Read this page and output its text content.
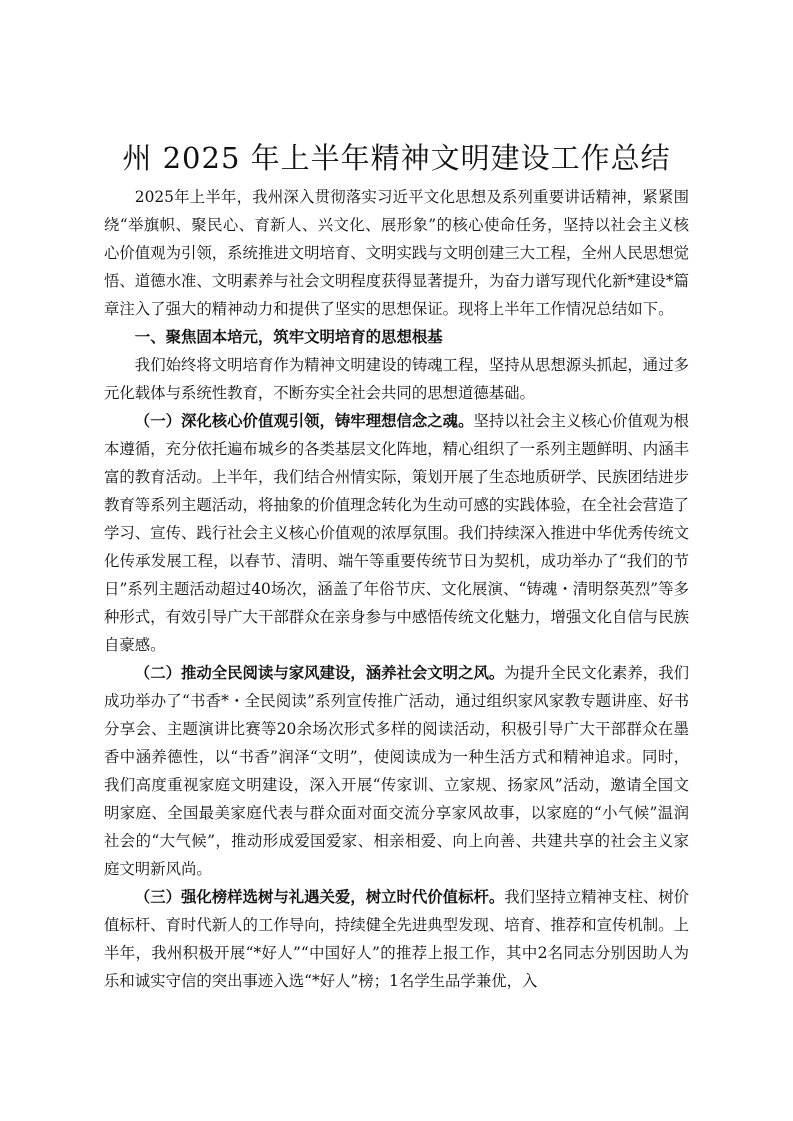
州 2025 年上半年精神文明建设工作总结

2025年上半年，我州深入贯彻落实习近平文化思想及系列重要讲话精神，紧紧围绕“举旗帜、聚民心、育新人、兴文化、展形象”的核心使命任务，坚持以社会主义核心价值观为引领，系统推进文明培育、文明实践与文明创建三大工程，全州人民思想觉悟、道德水准、文明素养与社会文明程度获得显著提升，为奋力谱写现代化新*建设*篇章注入了强大的精神动力和提供了坚实的思想保证。现将上半年工作情况总结如下。

一、聚焦固本培元，筑牢文明培育的思想根基

我们始终将文明培育作为精神文明建设的铸魂工程，坚持从思想源头抓起，通过多元化载体与系统性教育，不断夯实全社会共同的思想道德基础。

（一）深化核心价值观引领，铸牢理想信念之魂。坚持以社会主义核心价值观为根本遵循，充分依托遍布城乡的各类基层文化阵地，精心组织了一系列主题鲜明、内涵丰富的教育活动。上半年，我们结合州情实际，策划开展了生态地质研学、民族团结进步教育等系列主题活动，将抽象的价值理念转化为生动可感的实践体验，在全社会营造了学习、宣传、践行社会主义核心价值观的浓厚氛围。我们持续深入推进中华优秀传统文化传承发展工程，以春节、清明、端午等重要传统节日为契机，成功举办了“我们的节日”系列主题活动超过40场次，涵盖了年俗节庆、文化展演、“铸魂・清明祭英烈”等多种形式，有效引导广大干部群众在亲身参与中感悟传统文化魅力，增强文化自信与民族自豪感。

（二）推动全民阅读与家风建设，涵养社会文明之风。为提升全民文化素养，我们成功举办了“书香*・全民阅读”系列宣传推广活动，通过组织家风家教专题讲座、好书分享会、主题演讲比赛等20余场次形式多样的阅读活动，积极引导广大干部群众在墨香中涵养德性，以“书香”润泽“文明”，使阅读成为一种生活方式和精神追求。同时，我们高度重视家庭文明建设，深入开展“传家训、立家规、扬家风”活动，邀请全国文明家庭、全国最美家庭代表与群众面对面交流分享家风故事，以家庭的“小气候”温润社会的“大气候”，推动形成爱国爱家、相亲相爱、向上向善、共建共享的社会主义家庭文明新风尚。

（三）强化榜样选树与礼遇关爱，树立时代价值标杆。我们坚持立精神支柱、树价值标杆、育时代新人的工作导向，持续健全先进典型发现、培育、推荐和宣传机制。上半年，我州积极开展“*好人”“中国好人”的推荐上报工作，其中2名同志分别因助人为乐和诚实守信的突出事迹入选“*好人”榜；1名学生品学兼优，入
